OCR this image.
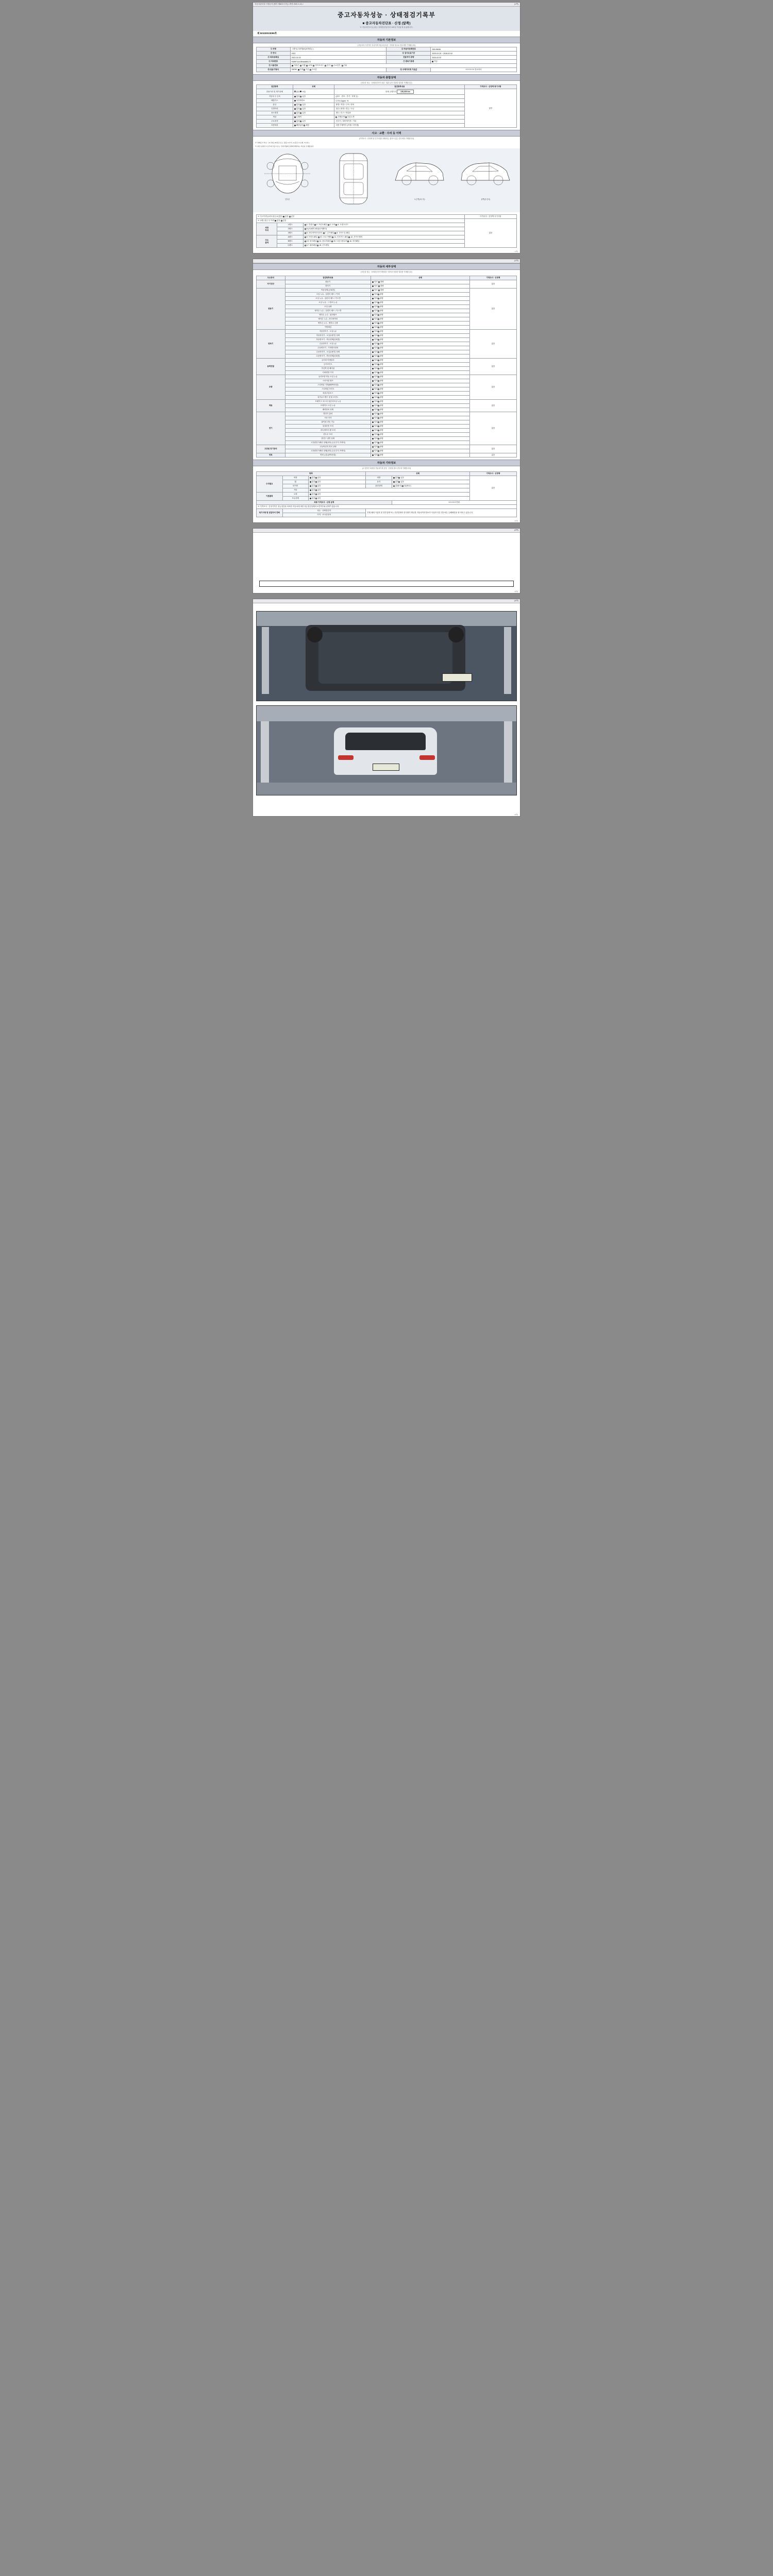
자동차관리법 시행규칙 [별지 제82호서식] <개정 2021.1.13.>	(1쪽)
중고자동차성능 · 상태점검기록부
■ 중고자동차진단표 · 산정 (앞쪽)
※ 자동차인도일 (성능·상태점검일부터 120일 이내) 에 유효합니다.
제 50100023099호
자동차 기본정보
(자동차의 기본적인 특성이며 자동차등록증 · 산정을 참고로 경우에만 기재합니다)
① 차명	그랜저(그랜저(IG)-5세대급 )	② 자동차등록번호	335-05636
③ 연식	2022	④ 검사유효기간	2020-02-25 ~ 2026-02-02
⑤ 최초등록일	2022-02-03	전용여지 중량	2020-02-02
⑥ 차대번호	KMHF141GBNA688173	⑦ 변속기종류	자동
⑧ 사용연료	가솔린 디젤 LPG 하이브리드 전기 수소전기 기타		
⑩ 원동기형식	G6DM 단색 투톤 쓰리톤	⑪ 주행거리계 기준값	0 0 0 0 0 0 킬로미터
자동차 종합상태
(자동차 성능 · 상태점검자가 외관 · 내관 등을 점검한 결과를 기재합니다)
점검항목	상태	점검항목내용	가격조사 · 산정액 특기사항
전용거리 및 계기상태	많음 보통	현재 주행거리 128,400 km	없음
자동차 주 등록	없음 있음	(위조 · 변조 · 추가 · 삭제 등)	
배출가스	일산화탄소	0.7% 12ppm. %	
튜닝	없음 있음	불법 / 적법 / 구조 / 장치	
특별이력	없음 있음	침수 / 화재 / 전손 / 도난	
용도변경	없음 있음	렌트 / 리스 / 영업용	
색상	무채색	전체도색 부분도색	
주요옵션	없음 있음	선루프 / 내비게이션 / 기타	
리콜대상	해당없음 해당	리콜 이행여부 (이행 / 미이행)	
사고 · 교환 · 수리 등 이력
(가격조사 · 산정액 및 특기사항은 해당되는 항목이 있는 경우에만 기재합니다)
※ 상태표시 부호 : ( X:교환, W:판금 또는 용접, C:부식, A:흠집, U:요철, T:손상 )
※ 하단 보험사고 유무에 기준으로는 기재 차량의 상태에 해당하는 부분을 기재합니다.
앞부분
	오른쪽(조수석)	왼쪽(운전석)
※ 사고이력 (교차/ 판금 & 없음) 없음 있음			가격조사 · 산정액 특기사항
※ 교환, 판금 등 이력 없음 있음			없음
외판
부위	1랭크	1. 후퀀더 2. 프런트패널 3. 도어 4. 트렁크리드	
	2랭크	5.(오)쿼터 패널(리어펜더)	
	3랭크	6. 라디에이터서포트 7. 루프패널 8. 사이드실 패널	
주요
골격	A랭크	9. 프런트패널 10. 크로스멤버 11. 인사이드 패널 12. 사이드멤버	
	B랭크	13. 대시패널 14. 플로어패널 15. 트렁크플로어 16. 리어패널	
	C랭크	17. 필러패널 18. 루프레일	
(1쪽)

(2쪽)
자동차 세부상태
(자동차 성능 · 상태점검자가 해당되는 항목을 점검한 결과를 기재합니다)
주요장치	점검항목내용	상태	가격조사 · 산정액
자기진단	원동기	양호 불량	없음
	변속기	양호 불량	
원동기	작동상태 (공회전)	양호 불량	없음
	오일 누유 - 실린더 헤드 / 커버	양호 불량	
	오일 누유 - 실린더 헤드 / 가스켓	양호 불량	
	오일 누유 - 그 밖의 누유	양호 불량	
	오일 유량	양호 불량	
	냉각수 누수 - 실린더 헤드 / 가스켓	양호 불량	
	냉각수 누수 - 워터펌프	양호 불량	
	냉각수 누수 - 라디에이터	양호 불량	
	냉각수 누수 - 냉각수 수량	양호 불량	
	커먼레일	양호 불량	
변속기	자동변속기 - 오일누유	양호 불량	없음
	자동변속기 - 오일유량 및 상태	양호 불량	
	자동변속기 - 작동상태(공회전)	양호 불량	
	수동변속기 - 오일누유	양호 불량	
	수동변속기 - 기어변속장치	양호 불량	
	수동변속기 - 오일유량 및 상태	양호 불량	
	수동변속기 - 작동상태(공회전)	양호 불량	
동력전달	클러치 어셈블리	양호 불량	없음
	등속조인트	양호 불량	
	추진축 및 베어링	양호 불량	
	디퍼렌셜 기어	양호 불량	
조향	동력조향 작동 오일 누유	양호 불량	없음
	스티어링 펌프	양호 불량	
	스티어링 기어(MDPS포함)	양호 불량	
	스티어링 조인트	양호 불량	
	파워고압호스	양호 불량	
	타이로드엔드 및 볼 조인트	양호 불량	
제동	브레이크 마스터 실린더오일 누유	양호 불량	없음
	브레이크 오일 누유	양호 불량	
	배력장치 상태	양호 불량	
전기	발전기 출력	양호 불량	없음
	시동 모터	양호 불량	
	와이퍼 전동 기능	양호 불량	
	실내송풍 모터	양호 불량	
	라디에이터 팬 모터	양호 불량	
	윈도우 모터	양호 불량	
	충전구 절연 상태	양호 불량	
	고전원전기배선 상태(피복,손상,부식,커넥터)	양호 불량	
고전원 전기장치	구동축전지 격리 상태	양호 불량	없음
	고전원전기배선 상태(피복,손상,부식,커넥터)	양호 불량	
연료	연료누출 (LPG포함)	양호 불량	없음
자동차 기타정보
(※ 항목은 최대의 자동차이며 산정 · 산정을 참조 경우에 기재합니다)
항목			상태		가격조사 · 산정액
수리필요	외장	없음 있음	내장	없음 있음	없음
	휠	없음 있음	유리	없음 있음	
	타이어	없음 있음	관련상태	앞(좌/우) 뒤(좌/우)	
	기타	없음 있음			
기본품목	요철	없음 있음			
	보유상태	없음 있음			
최종 가격조사 · 산정 금액				0 0 0 0 0 만원	
※ 가격조사 · 산정가격은 성능점검을 의뢰한 자동차에 대한 성능점검업체의 보증여부와 관계가 없습니다.					
특기사항 및 점검자의 견해	성능 · 상태점검자		진행 매매 사업자 및 진단업체 또는 진단업체의 종사원이 제공한 자동차이력정보가 사실과 다른 경우에는 손해배상을 청구할 수 있습니다.		
	가격 · 조사산정자				
(2쪽)

(3쪽)
(3쪽)

(4쪽)
(4쪽)
